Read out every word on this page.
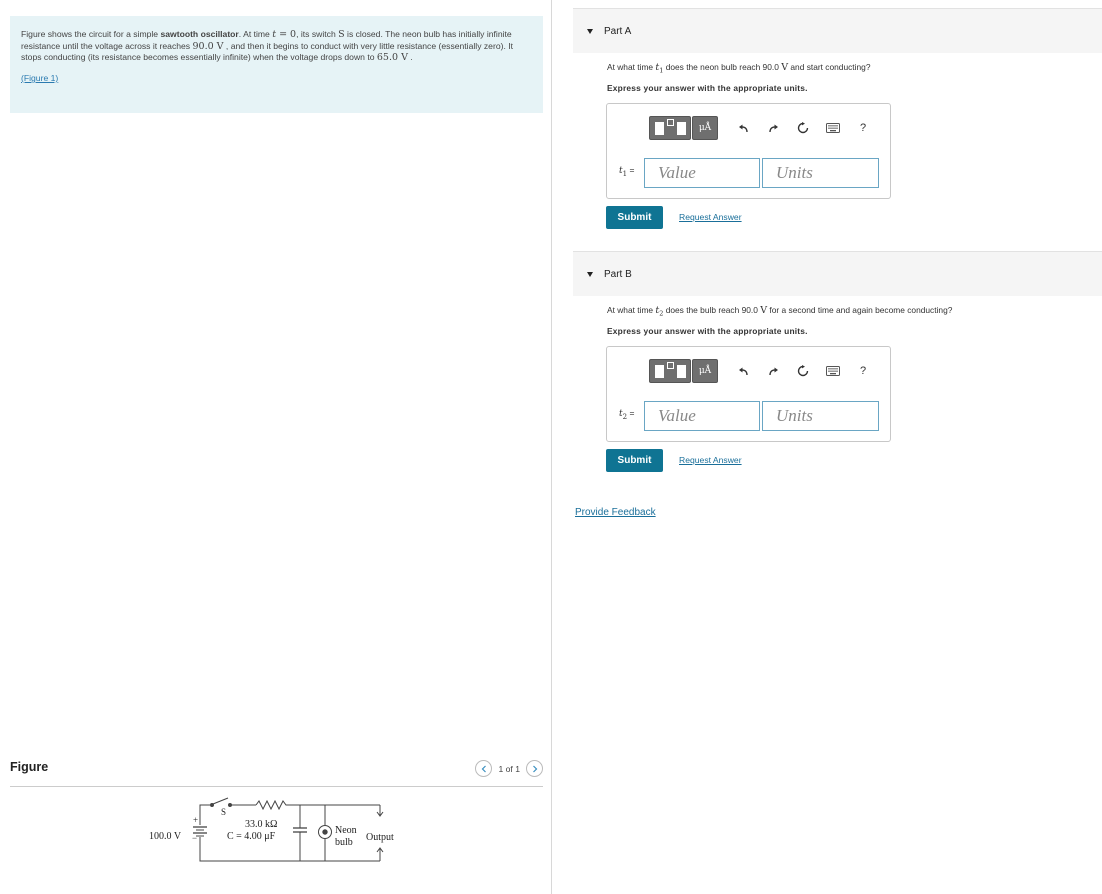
Figure shows the circuit for a simple sawtooth oscillator. At time t = 0, its switch S is closed. The neon bulb has initially infinite resistance until the voltage across it reaches 90.0 V , and then it begins to conduct with very little resistance (essentially zero). It stops conducting (its resistance becomes essentially infinite) when the voltage drops down to 65.0 V .
(Figure 1)
Figure	1 of 1
+
−
100.0 V
S
33.0 kΩ
C = 4.00 μF
Neon
bulb Output
Part A
At what time $t_1$ does the neon bulb reach 90.0 V and start conducting?
Express your answer with the appropriate units.
μÅ	?
$t_1$ =
Value
Units
Submit	Request Answer
Part B
At what time $t_2$ does the bulb reach 90.0 V for a second time and again become conducting?
Express your answer with the appropriate units.
μÅ	?
$t_2$ =
Value
Units
Submit	Request Answer
Provide Feedback
